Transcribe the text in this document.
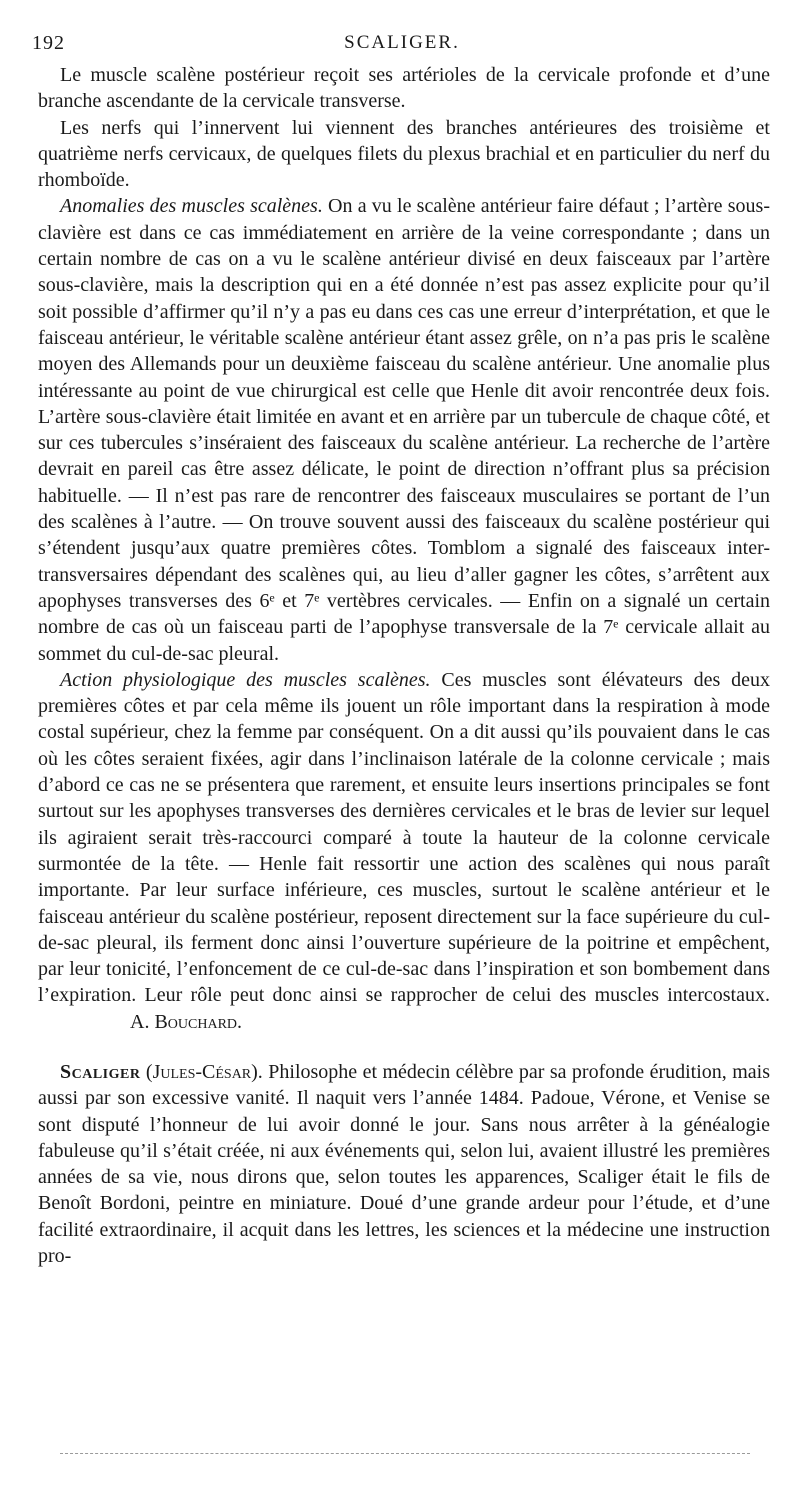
192	SCALIGER.

Le muscle scalène postérieur reçoit ses artérioles de la cervicale profonde et d’une branche ascendante de la cervicale transverse.

Les nerfs qui l’innervent lui viennent des branches antérieures des troisième et quatrième nerfs cervicaux, de quelques filets du plexus brachial et en particulier du nerf du rhomboïde.

Anomalies des muscles scalènes. On a vu le scalène antérieur faire défaut ; l’artère sous-clavière est dans ce cas immédiatement en arrière de la veine correspondante ; dans un certain nombre de cas on a vu le scalène antérieur divisé en deux faisceaux par l’artère sous-clavière, mais la description qui en a été donnée n’est pas assez explicite pour qu’il soit possible d’affirmer qu’il n’y a pas eu dans ces cas une erreur d’interprétation, et que le faisceau antérieur, le véritable scalène antérieur étant assez grêle, on n’a pas pris le scalène moyen des Allemands pour un deuxième faisceau du scalène antérieur. Une anomalie plus intéressante au point de vue chirurgical est celle que Henle dit avoir rencontrée deux fois. L’artère sous-clavière était limitée en avant et en arrière par un tubercule de chaque côté, et sur ces tubercules s’inséraient des faisceaux du scalène antérieur. La recherche de l’artère devrait en pareil cas être assez délicate, le point de direction n’offrant plus sa précision habituelle. — Il n’est pas rare de rencontrer des faisceaux musculaires se portant de l’un des scalènes à l’autre. — On trouve souvent aussi des faisceaux du scalène postérieur qui s’étendent jusqu’aux quatre premières côtes. Tomblom a signalé des faisceaux inter-transversaires dépendant des scalènes qui, au lieu d’aller gagner les côtes, s’arrêtent aux apophyses transverses des 6ᵉ et 7ᵉ vertèbres cervicales. — Enfin on a signalé un certain nombre de cas où un faisceau parti de l’apophyse transversale de la 7ᵉ cervicale allait au sommet du cul-de-sac pleural.

Action physiologique des muscles scalènes. Ces muscles sont élévateurs des deux premières côtes et par cela même ils jouent un rôle important dans la respiration à mode costal supérieur, chez la femme par conséquent. On a dit aussi qu’ils pouvaient dans le cas où les côtes seraient fixées, agir dans l’inclinaison latérale de la colonne cervicale ; mais d’abord ce cas ne se présentera que rarement, et ensuite leurs insertions principales se font surtout sur les apophyses transverses des dernières cervicales et le bras de levier sur lequel ils agiraient serait très-raccourci comparé à toute la hauteur de la colonne cervicale surmontée de la tête. — Henle fait ressortir une action des scalènes qui nous paraît importante. Par leur surface inférieure, ces muscles, surtout le scalène antérieur et le faisceau antérieur du scalène postérieur, reposent directement sur la face supérieure du cul-de-sac pleural, ils ferment donc ainsi l’ouverture supérieure de la poitrine et empêchent, par leur tonicité, l’enfoncement de ce cul-de-sac dans l’inspiration et son bombement dans l’expiration. Leur rôle peut donc ainsi se rapprocher de celui des muscles intercostaux.A. Bouchard.

Scaliger (Jules-César). Philosophe et médecin célèbre par sa profonde érudition, mais aussi par son excessive vanité. Il naquit vers l’année 1484. Padoue, Vérone, et Venise se sont disputé l’honneur de lui avoir donné le jour. Sans nous arrêter à la généalogie fabuleuse qu’il s’était créée, ni aux événements qui, selon lui, avaient illustré les premières années de sa vie, nous dirons que, selon toutes les apparences, Scaliger était le fils de Benoît Bordoni, peintre en miniature. Doué d’une grande ardeur pour l’étude, et d’une facilité extraordinaire, il acquit dans les lettres, les sciences et la médecine une instruction pro-
